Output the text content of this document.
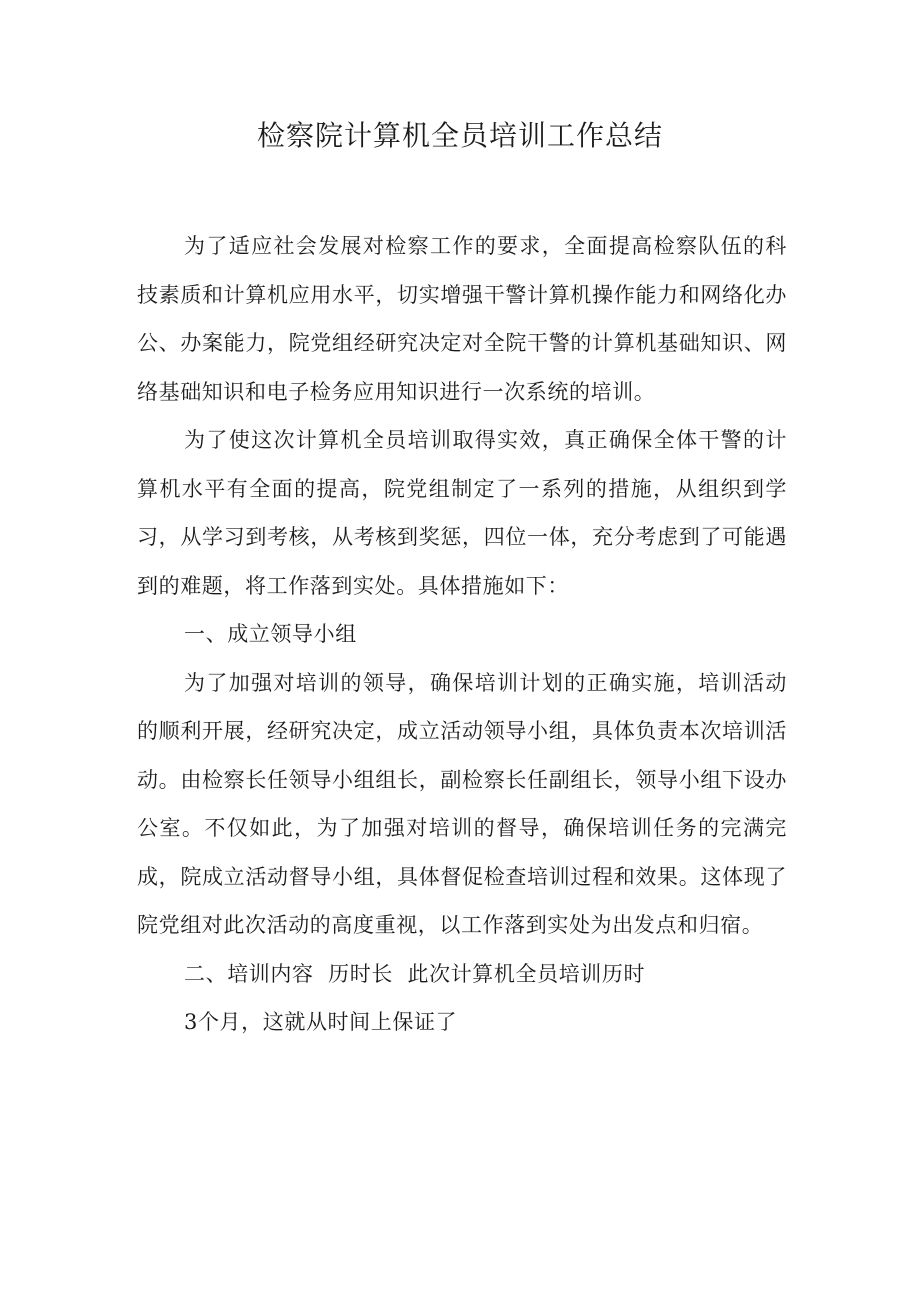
检察院计算机全员培训工作总结

为了适应社会发展对检察工作的要求，全面提高检察队伍的科技素质和计算机应用水平，切实增强干警计算机操作能力和网络化办公、办案能力，院党组经研究决定对全院干警的计算机基础知识、网络基础知识和电子检务应用知识进行一次系统的培训。

为了使这次计算机全员培训取得实效，真正确保全体干警的计算机水平有全面的提高，院党组制定了一系列的措施，从组织到学习，从学习到考核，从考核到奖惩，四位一体，充分考虑到了可能遇到的难题，将工作落到实处。具体措施如下：

一、成立领导小组

为了加强对培训的领导，确保培训计划的正确实施，培训活动的顺利开展，经研究决定，成立活动领导小组，具体负责本次培训活动。由检察长任领导小组组长，副检察长任副组长，领导小组下设办公室。不仅如此，为了加强对培训的督导，确保培训任务的完满完成，院成立活动督导小组，具体督促检查培训过程和效果。这体现了院党组对此次活动的高度重视，以工作落到实处为出发点和归宿。

二、培训内容  历时长  此次计算机全员培训历时

3个月，这就从时间上保证了
